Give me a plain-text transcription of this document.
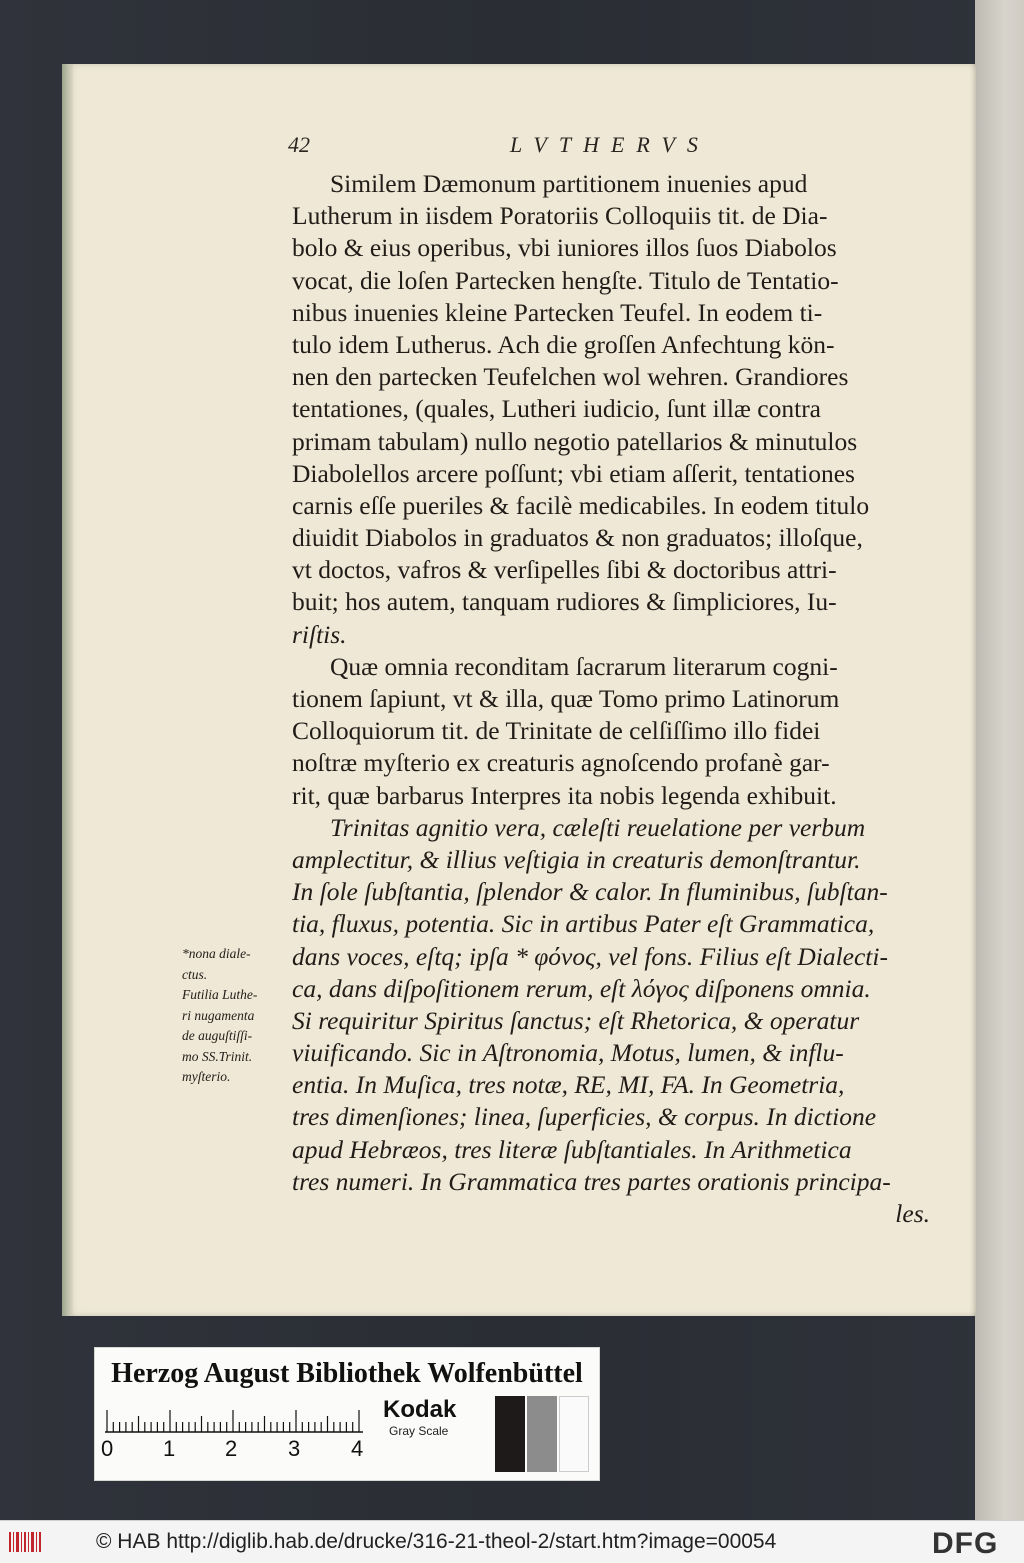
42	LVTHERVS
Similem Dæmonum partitionem inuenies apud
Lutherum in iisdem Poratoriis Colloquiis tit. de Dia-
bolo & eius operibus, vbi iuniores illos ſuos Diabolos
vocat, die loſen Partecken hengſte. Titulo de Tentatio-
nibus inuenies kleine Partecken Teufel. In eodem ti-
tulo idem Lutherus. Ach die groſſen Anfechtung kön-
nen den partecken Teufelchen wol wehren. Grandiores
tentationes, (quales, Lutheri iudicio, ſunt illæ contra
primam tabulam) nullo negotio patellarios & minutulos
Diabolellos arcere poſſunt; vbi etiam aſſerit, tentationes
carnis eſſe pueriles & facilè medicabiles. In eodem titulo
diuidit Diabolos in graduatos & non graduatos; illoſque,
vt doctos, vafros & verſipelles ſibi & doctoribus attri-
buit; hos autem, tanquam rudiores & ſimpliciores, Iu-
riſtis.
Quæ omnia reconditam ſacrarum literarum cogni-
tionem ſapiunt, vt & illa, quæ Tomo primo Latinorum
Colloquiorum tit. de Trinitate de celſiſſimo illo fidei
noſtræ myſterio ex creaturis agnoſcendo profanè gar-
rit, quæ barbarus Interpres ita nobis legenda exhibuit.
Trinitas agnitio vera, cæleſti reuelatione per verbum
amplectitur, & illius veſtigia in creaturis demonſtrantur.
In ſole ſubſtantia, ſplendor & calor. In fluminibus, ſubſtan-
tia, fluxus, potentia. Sic in artibus Pater eſt Grammatica,
dans voces, eſtq; ipſa * φόνος, vel fons. Filius eſt Dialecti-
ca, dans diſpoſitionem rerum, eſt λόγος diſponens omnia.
Si requiritur Spiritus ſanctus; eſt Rhetorica, & operatur
viuificando. Sic in Aſtronomia, Motus, lumen, & influ-
entia. In Muſica, tres notæ, RE, MI, FA. In Geometria,
tres dimenſiones; linea, ſuperficies, & corpus. In dictione
apud Hebræos, tres literæ ſubſtantiales. In Arithmetica
tres numeri. In Grammatica tres partes orationis principa-
les.
*nona diale-
ctus.
Futilia Luthe-
ri nugamenta
de auguſtiſſi-
mo SS.Trinit.
myſterio.
Herzog August Bibliothek Wolfenbüttel
0 1 2 3 4
Kodak
Gray Scale
© HAB http://diglib.hab.de/drucke/316-21-theol-2/start.htm?image=00054	DFG
